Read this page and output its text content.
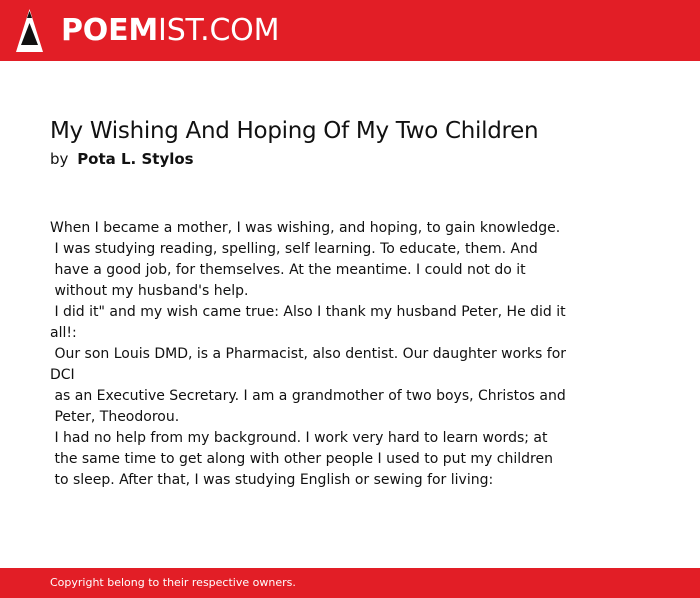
POEMIST.COM
My Wishing And Hoping Of My Two Children
by Pota L. Stylos
When I became a mother, I was wishing, and hoping, to gain knowledge.
I was studying reading, spelling, self learning. To educate, them. And
have a good job, for themselves. At the meantime. I could not do it
without my husband's help.
I did it" and my wish came true: Also I thank my husband Peter, He did it
all!:
Our son Louis DMD, is a Pharmacist, also dentist. Our daughter works for
DCI
as an Executive Secretary. I am a grandmother of two boys, Christos and
Peter, Theodorou.
I had no help from my background. I work very hard to learn words; at
the same time to get along with other people I used to put my children
to sleep. After that, I was studying English or sewing for living:
Copyright belong to their respective owners.
